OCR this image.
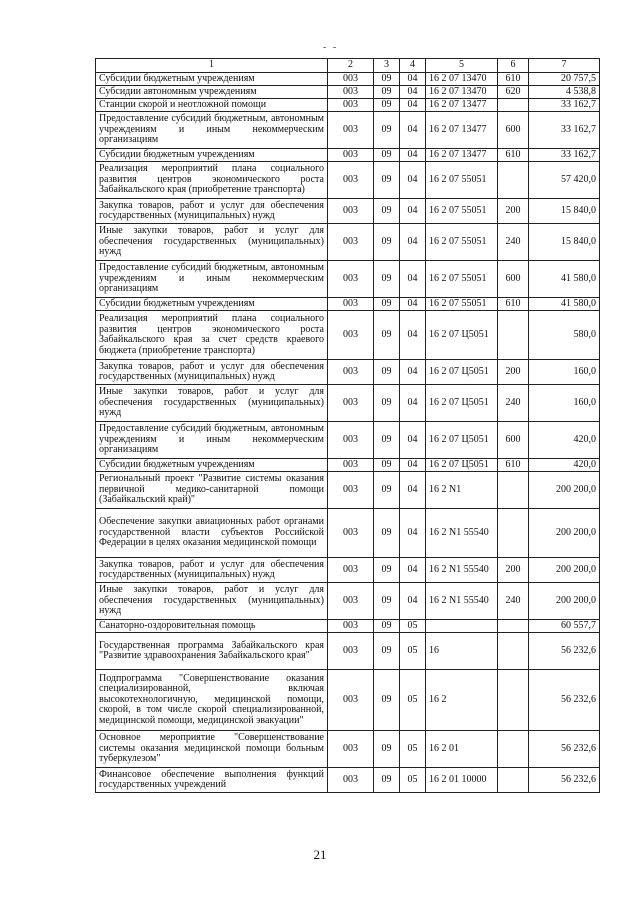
- -
1	2	3	4	5	6	7
Субсидии бюджетным учреждениям	003	09	04	16 2 07 13470	610	20 757,5
Субсидии автономным учреждениям	003	09	04	16 2 07 13470	620	4 538,8
Станции скорой и неотложной помощи	003	09	04	16 2 07 13477		33 162,7
Предоставление субсидий бюджетным, автономным учреждениям и иным некоммерческим организациям	003	09	04	16 2 07 13477	600	33 162,7
Субсидии бюджетным учреждениям	003	09	04	16 2 07 13477	610	33 162,7
Реализация мероприятий плана социального развития центров экономического роста Забайкальского края (приобретение транспорта)	003	09	04	16 2 07 55051		57 420,0
Закупка товаров, работ и услуг для обеспечения государственных (муниципальных) нужд	003	09	04	16 2 07 55051	200	15 840,0
Иные закупки товаров, работ и услуг для обеспечения государственных (муниципальных) нужд	003	09	04	16 2 07 55051	240	15 840,0
Предоставление субсидий бюджетным, автономным учреждениям и иным некоммерческим организациям	003	09	04	16 2 07 55051	600	41 580,0
Субсидии бюджетным учреждениям	003	09	04	16 2 07 55051	610	41 580,0
Реализация мероприятий плана социального развития центров экономического роста Забайкальского края за счет средств краевого бюджета (приобретение транспорта)	003	09	04	16 2 07 Ц5051		580,0
Закупка товаров, работ и услуг для обеспечения государственных (муниципальных) нужд	003	09	04	16 2 07 Ц5051	200	160,0
Иные закупки товаров, работ и услуг для обеспечения государственных (муниципальных) нужд	003	09	04	16 2 07 Ц5051	240	160,0
Предоставление субсидий бюджетным, автономным учреждениям и иным некоммерческим организациям	003	09	04	16 2 07 Ц5051	600	420,0
Субсидии бюджетным учреждениям	003	09	04	16 2 07 Ц5051	610	420,0
Региональный проект "Развитие системы оказания первичной медико-санитарной помощи (Забайкальский край)"	003	09	04	16 2 N1		200 200,0
Обеспечение закупки авиационных работ органами государственной власти субъектов Российской Федерации в целях оказания медицинской помощи	003	09	04	16 2 N1 55540		200 200,0
Закупка товаров, работ и услуг для обеспечения государственных (муниципальных) нужд	003	09	04	16 2 N1 55540	200	200 200,0
Иные закупки товаров, работ и услуг для обеспечения государственных (муниципальных) нужд	003	09	04	16 2 N1 55540	240	200 200,0
Санаторно-оздоровительная помощь	003	09	05			60 557,7
Государственная программа Забайкальского края "Развитие здравоохранения Забайкальского края"	003	09	05	16		56 232,6
Подпрограмма "Совершенствование оказания специализированной, включая высокотехнологичную, медицинской помощи, скорой, в том числе скорой специализированной, медицинской помощи, медицинской эвакуации"	003	09	05	16 2		56 232,6
Основное мероприятие "Совершенствование системы оказания медицинской помощи больным туберкулезом"	003	09	05	16 2 01		56 232,6
Финансовое обеспечение выполнения функций государственных учреждений	003	09	05	16 2 01 10000		56 232,6
21
